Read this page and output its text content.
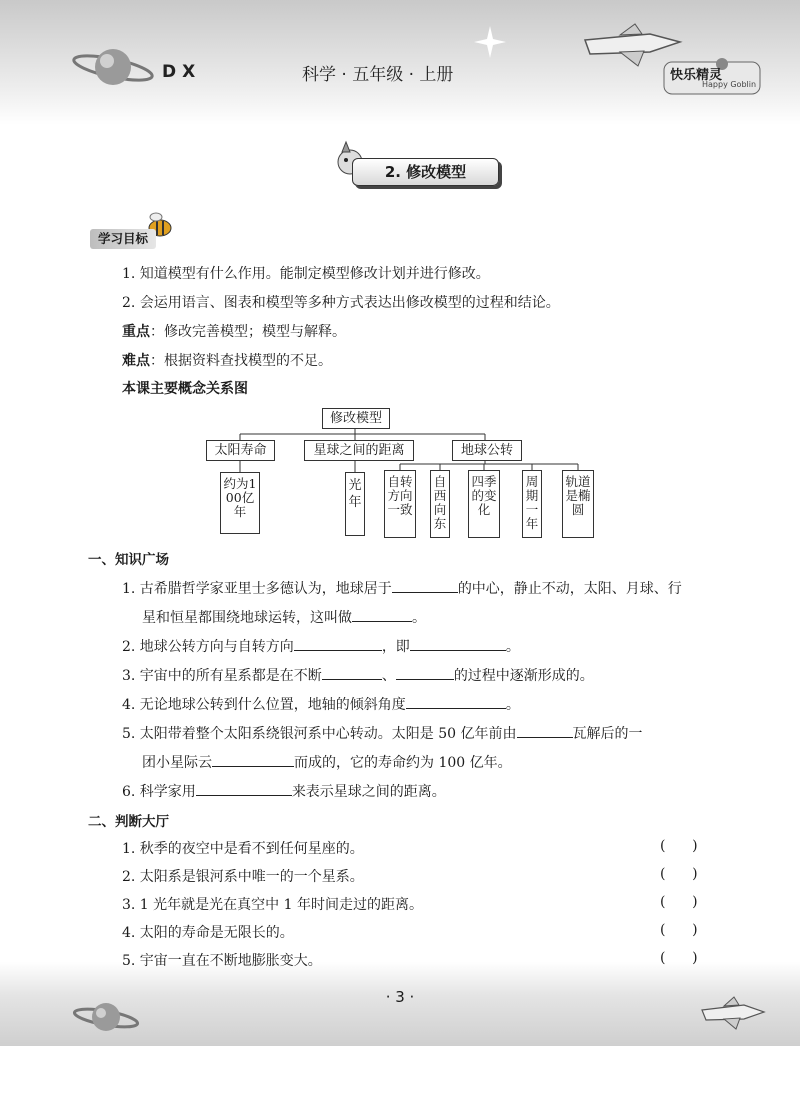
DX	科学 · 五年级 · 上册	快乐精灵
Happy Goblin
2. 修改模型
学习目标
1. 知道模型有什么作用。能制定模型修改计划并进行修改。
2. 会运用语言、图表和模型等多种方式表达出修改模型的过程和结论。
重点：修改完善模型；模型与解释。
难点：根据资料查找模型的不足。
本课主要概念关系图
修改模型
太阳寿命	星球之间的距离	地球公转
约为100亿年
光年
自转方向一致
自西向东
四季的变化
周期一年
轨道是椭圆
一、知识广场
1. 古希腊哲学家亚里士多德认为，地球居于	的中心，静止不动，太阳、月球、行
星和恒星都围绕地球运转，这叫做	。
2. 地球公转方向与自转方向	，即	。
3. 宇宙中的所有星系都是在不断	、	的过程中逐渐形成的。
4. 无论地球公转到什么位置，地轴的倾斜角度	。
5. 太阳带着整个太阳系绕银河系中心转动。太阳是 50 亿年前由	瓦解后的一
团小星际云	而成的，它的寿命约为 100 亿年。
6. 科学家用	来表示星球之间的距离。
二、判断大厅
1. 秋季的夜空中是看不到任何星座的。	(      )
2. 太阳系是银河系中唯一的一个星系。	(      )
3. 1 光年就是光在真空中 1 年时间走过的距离。	(      )
4. 太阳的寿命是无限长的。	(      )
5. 宇宙一直在不断地膨胀变大。	(      )
· 3 ·
